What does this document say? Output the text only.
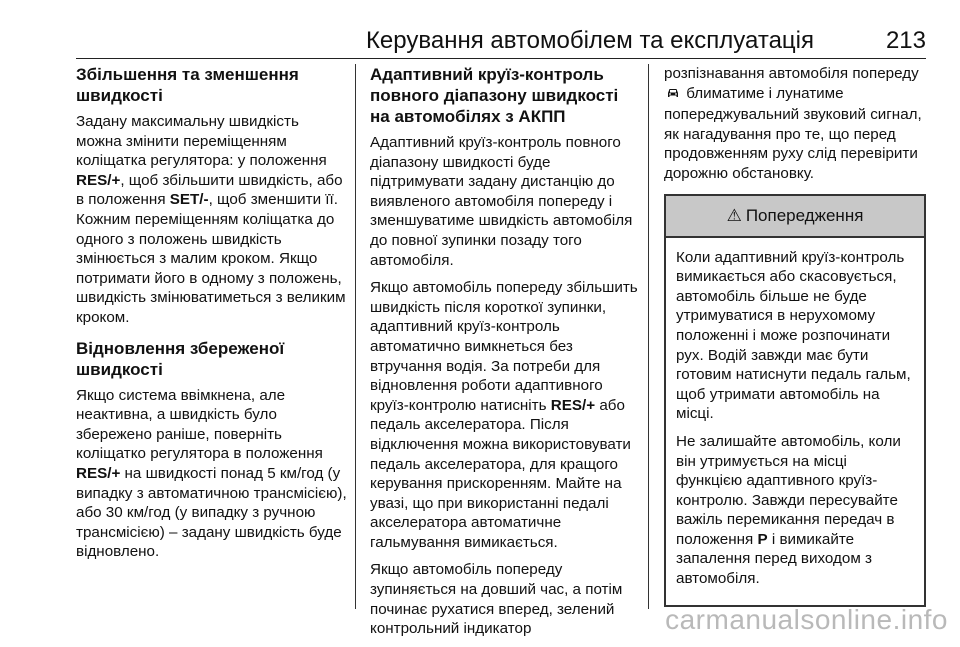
Керування автомобілем та експлуатація	213
Збільшення та зменшення швидкості

Задану максимальну швидкість можна змінити переміщенням коліщатка регулятора: у положення RES/+, щоб збільшити швидкість, або в положення SET/-, щоб зменшити її. Кожним переміщенням коліщатка до одного з положень швидкість змінюється з малим кроком. Якщо потримати його в одному з положень, швидкість змінюватиметься з великим кроком.

Відновлення збереженої швидкості

Якщо система ввімкнена, але неактивна, а швидкість було збережено раніше, поверніть коліщатко регулятора в положення RES/+ на швидкості понад 5 км/год (у випадку з автоматичною трансмісією), або 30 км/год (у випадку з ручною трансмісією) – задану швидкість буде відновлено.

Адаптивний круїз-контроль повного діапазону швидкості на автомобілях з АКПП

Адаптивний круїз-контроль повного діапазону швидкості буде підтримувати задану дистанцію до виявленого автомобіля попереду і зменшуватиме швидкість автомобіля до повної зупинки позаду того автомобіля.

Якщо автомобіль попереду збільшить швидкість після короткої зупинки, адаптивний круїз-контроль автоматично вимкнеться без втручання водія. За потреби для відновлення роботи адаптивного круїз-контролю натисніть RES/+ або педаль акселератора. Після відключення можна використовувати педаль акселератора, для кращого керування прискоренням. Майте на увазі, що при використанні педалі акселератора автоматичне гальмування вимикається.

Якщо автомобіль попереду зупиняється на довший час, а потім починає рухатися вперед, зелений контрольний індикатор

розпізнавання автомобіля попереду  блиматиме і лунатиме попереджувальний звуковий сигнал, як нагадування про те, що перед продовженням руху слід перевірити дорожню обстановку.

⚠ Попередження

Коли адаптивний круїз-контроль вимикається або скасовується, автомобіль більше не буде утримуватися в нерухомому положенні і може розпочинати рух. Водій завжди має бути готовим натиснути педаль гальм, щоб утримати автомобіль на місці.

Не залишайте автомобіль, коли він утримується на місці функцією адаптивного круїз-контролю. Завжди пересувайте важіль перемикання передач в положення P і вимикайте запалення перед виходом з автомобіля.

carmanualsonline.info
